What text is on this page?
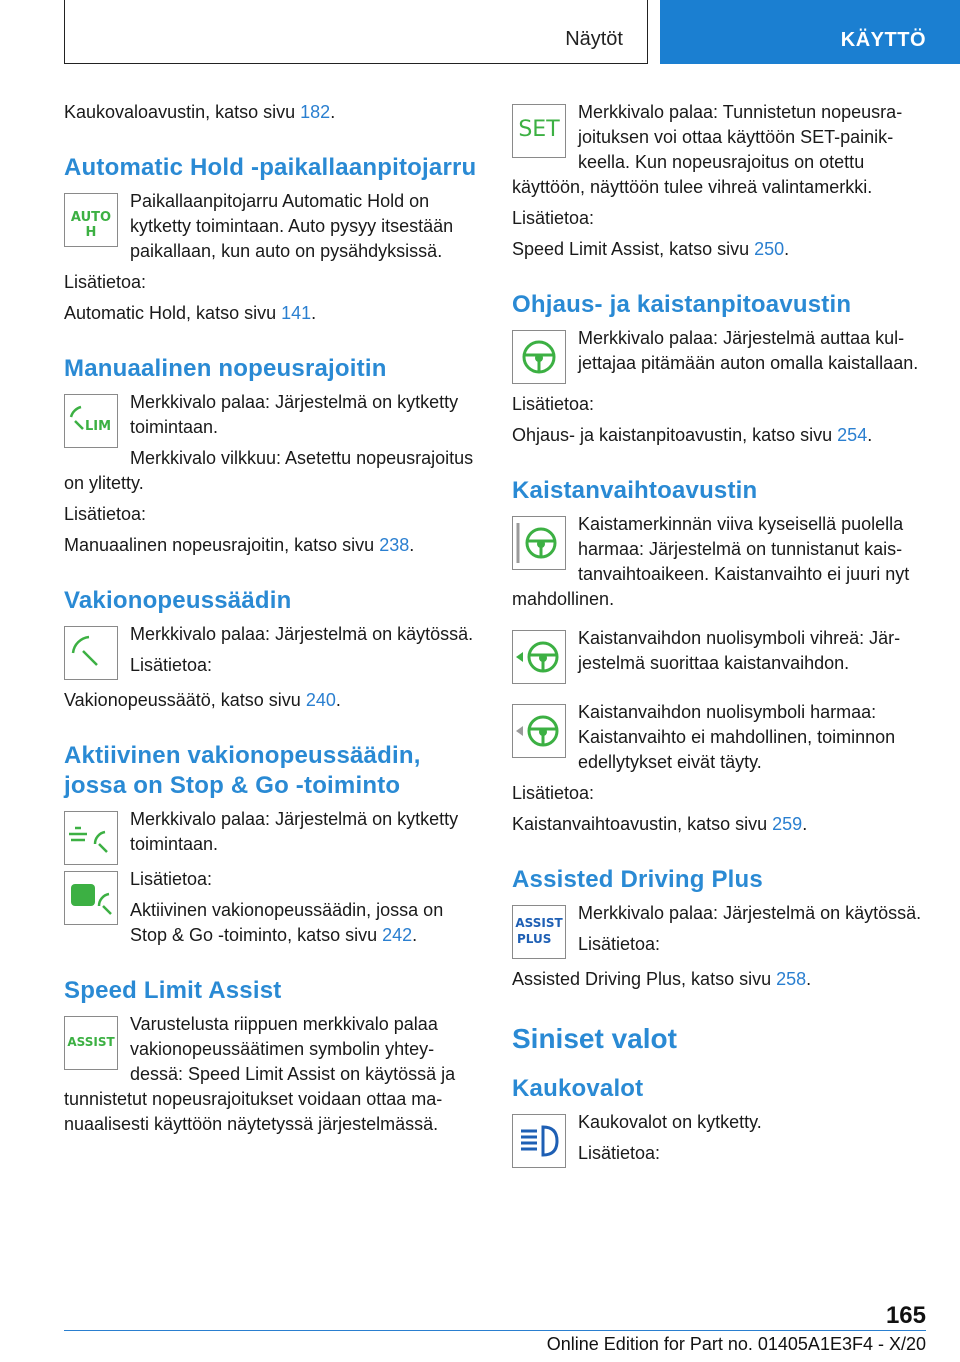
Näytöt	KÄYTTÖ

Kaukovaloavustin, katso sivu 182.

Automatic Hold -paikallaanpitojarru
AUTO H

Paikallaanpitojarru Automatic Hold on kytketty toimintaan. Auto pysyy itsestään paikallaan, kun auto on pysähdyksissä.

Lisätietoa:

Automatic Hold, katso sivu 141.

Manuaalinen nopeusrajoitin
LIM

Merkkivalo palaa: Järjestelmä on kytketty toimintaan.

Merkkivalo vilkkuu: Asetettu nopeusrajoitus on ylitetty.

Lisätietoa:

Manuaalinen nopeusrajoitin, katso sivu 238.

Vakionopeussäädin

Merkkivalo palaa: Järjestelmä on käytössä.

Lisätietoa:

Vakionopeussäätö, katso sivu 240.

Aktiivinen vakionopeussäädin, jossa on Stop & Go -toiminto

Merkkivalo palaa: Järjestelmä on kytketty toimintaan.

Lisätietoa:

Aktiivinen vakionopeussäädin, jossa on Stop & Go -toiminto, katso sivu 242.

Speed Limit Assist
ASSIST

Varustelusta riippuen merkkivalo palaa vakionopeussäätimen symbolin yhteydessä: Speed Limit Assist on käytössä ja tunnistetut nopeusrajoitukset voidaan ottaa manuaalisesti käyttöön näytetyssä järjestelmässä.

SET

Merkkivalo palaa: Tunnistetun nopeusrajoituksen voi ottaa käyttöön SET-painikkeella. Kun nopeusrajoitus on otettu käyttöön, näyttöön tulee vihreä valintamerkki.

Lisätietoa:

Speed Limit Assist, katso sivu 250.

Ohjaus- ja kaistanpitoavustin

Merkkivalo palaa: Järjestelmä auttaa kuljettajaa pitämään auton omalla kaistallaan.

Lisätietoa:

Ohjaus- ja kaistanpitoavustin, katso sivu 254.

Kaistanvaihtoavustin

Kaistamerkinnän viiva kyseisellä puolella harmaa: Järjestelmä on tunnistanut kaistanvaihtoaikeen. Kaistanvaihto ei juuri nyt mahdollinen.

Kaistanvaihdon nuolisymboli vihreä: Järjestelmä suorittaa kaistanvaihdon.

Kaistanvaihdon nuolisymboli harmaa: Kaistanvaihto ei mahdollinen, toiminnon edellytykset eivät täyty.

Lisätietoa:

Kaistanvaihtoavustin, katso sivu 259.

Assisted Driving Plus
ASSIST
PLUS

Merkkivalo palaa: Järjestelmä on käytössä.

Lisätietoa:

Assisted Driving Plus, katso sivu 258.

Siniset valot
Kaukovalot

Kaukovalot on kytketty.

Lisätietoa:

165
Online Edition for Part no. 01405A1E3F4 - X/20
